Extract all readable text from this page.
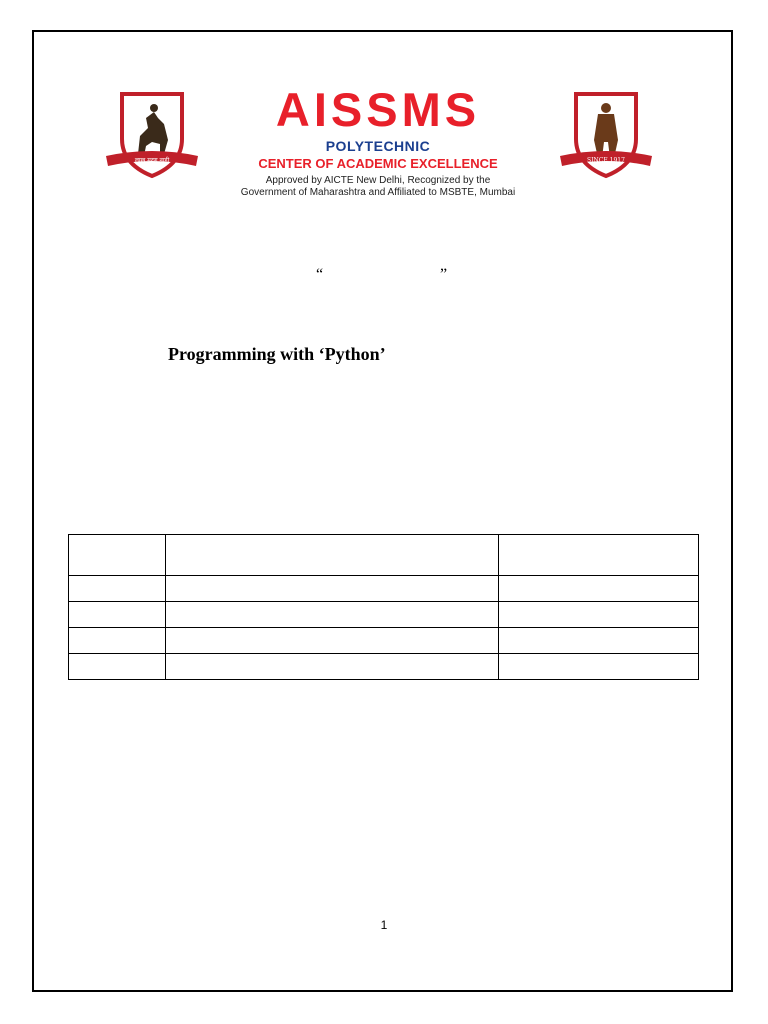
लाख मरण नाही
AISSMS
POLYTECHNIC
CENTER OF ACADEMIC EXCELLENCE
Approved by AICTE New Delhi, Recognized by the
Government of Maharashtra and Affiliated to MSBTE, Mumbai
SINCE 1917
“	”
Programming with ‘Python’

1
